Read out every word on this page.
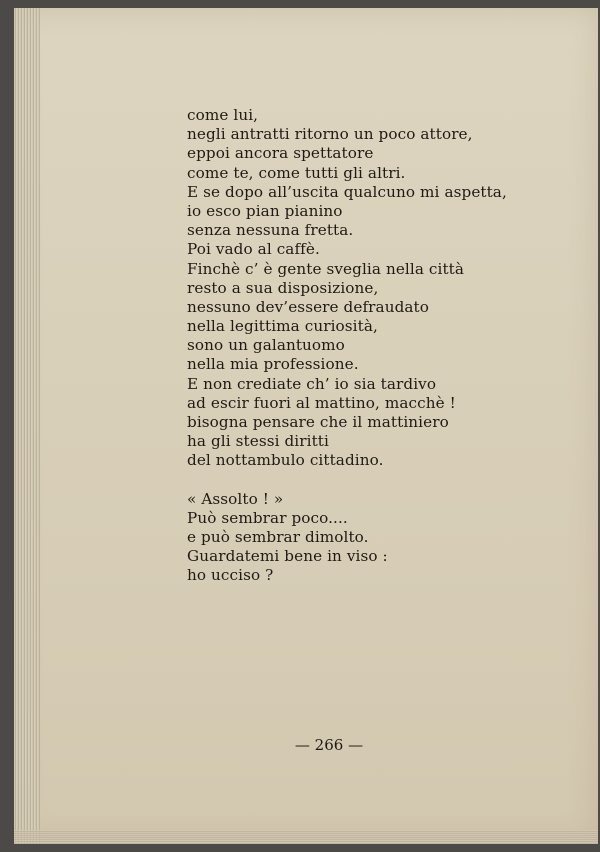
come lui,
negli antratti ritorno un poco attore,
eppoi ancora spettatore
come te, come tutti gli altri.
E se dopo all’uscita qualcuno mi aspetta,
io esco pian pianino
senza nessuna fretta.
Poi vado al caffè.
Finchè c’ è gente sveglia nella città
resto a sua disposizione,
nessuno dev’essere defraudato
nella legittima curiosità,
sono un galantuomo
nella mia professione.
E non crediate ch’ io sia tardivo
ad escir fuori al mattino, macchè !
bisogna pensare che il mattiniero
ha gli stessi diritti
del nottambulo cittadino.
« Assolto ! »
Può sembrar poco....
e può sembrar dimolto.
Guardatemi bene in viso :
ho ucciso ?
— 266 —
